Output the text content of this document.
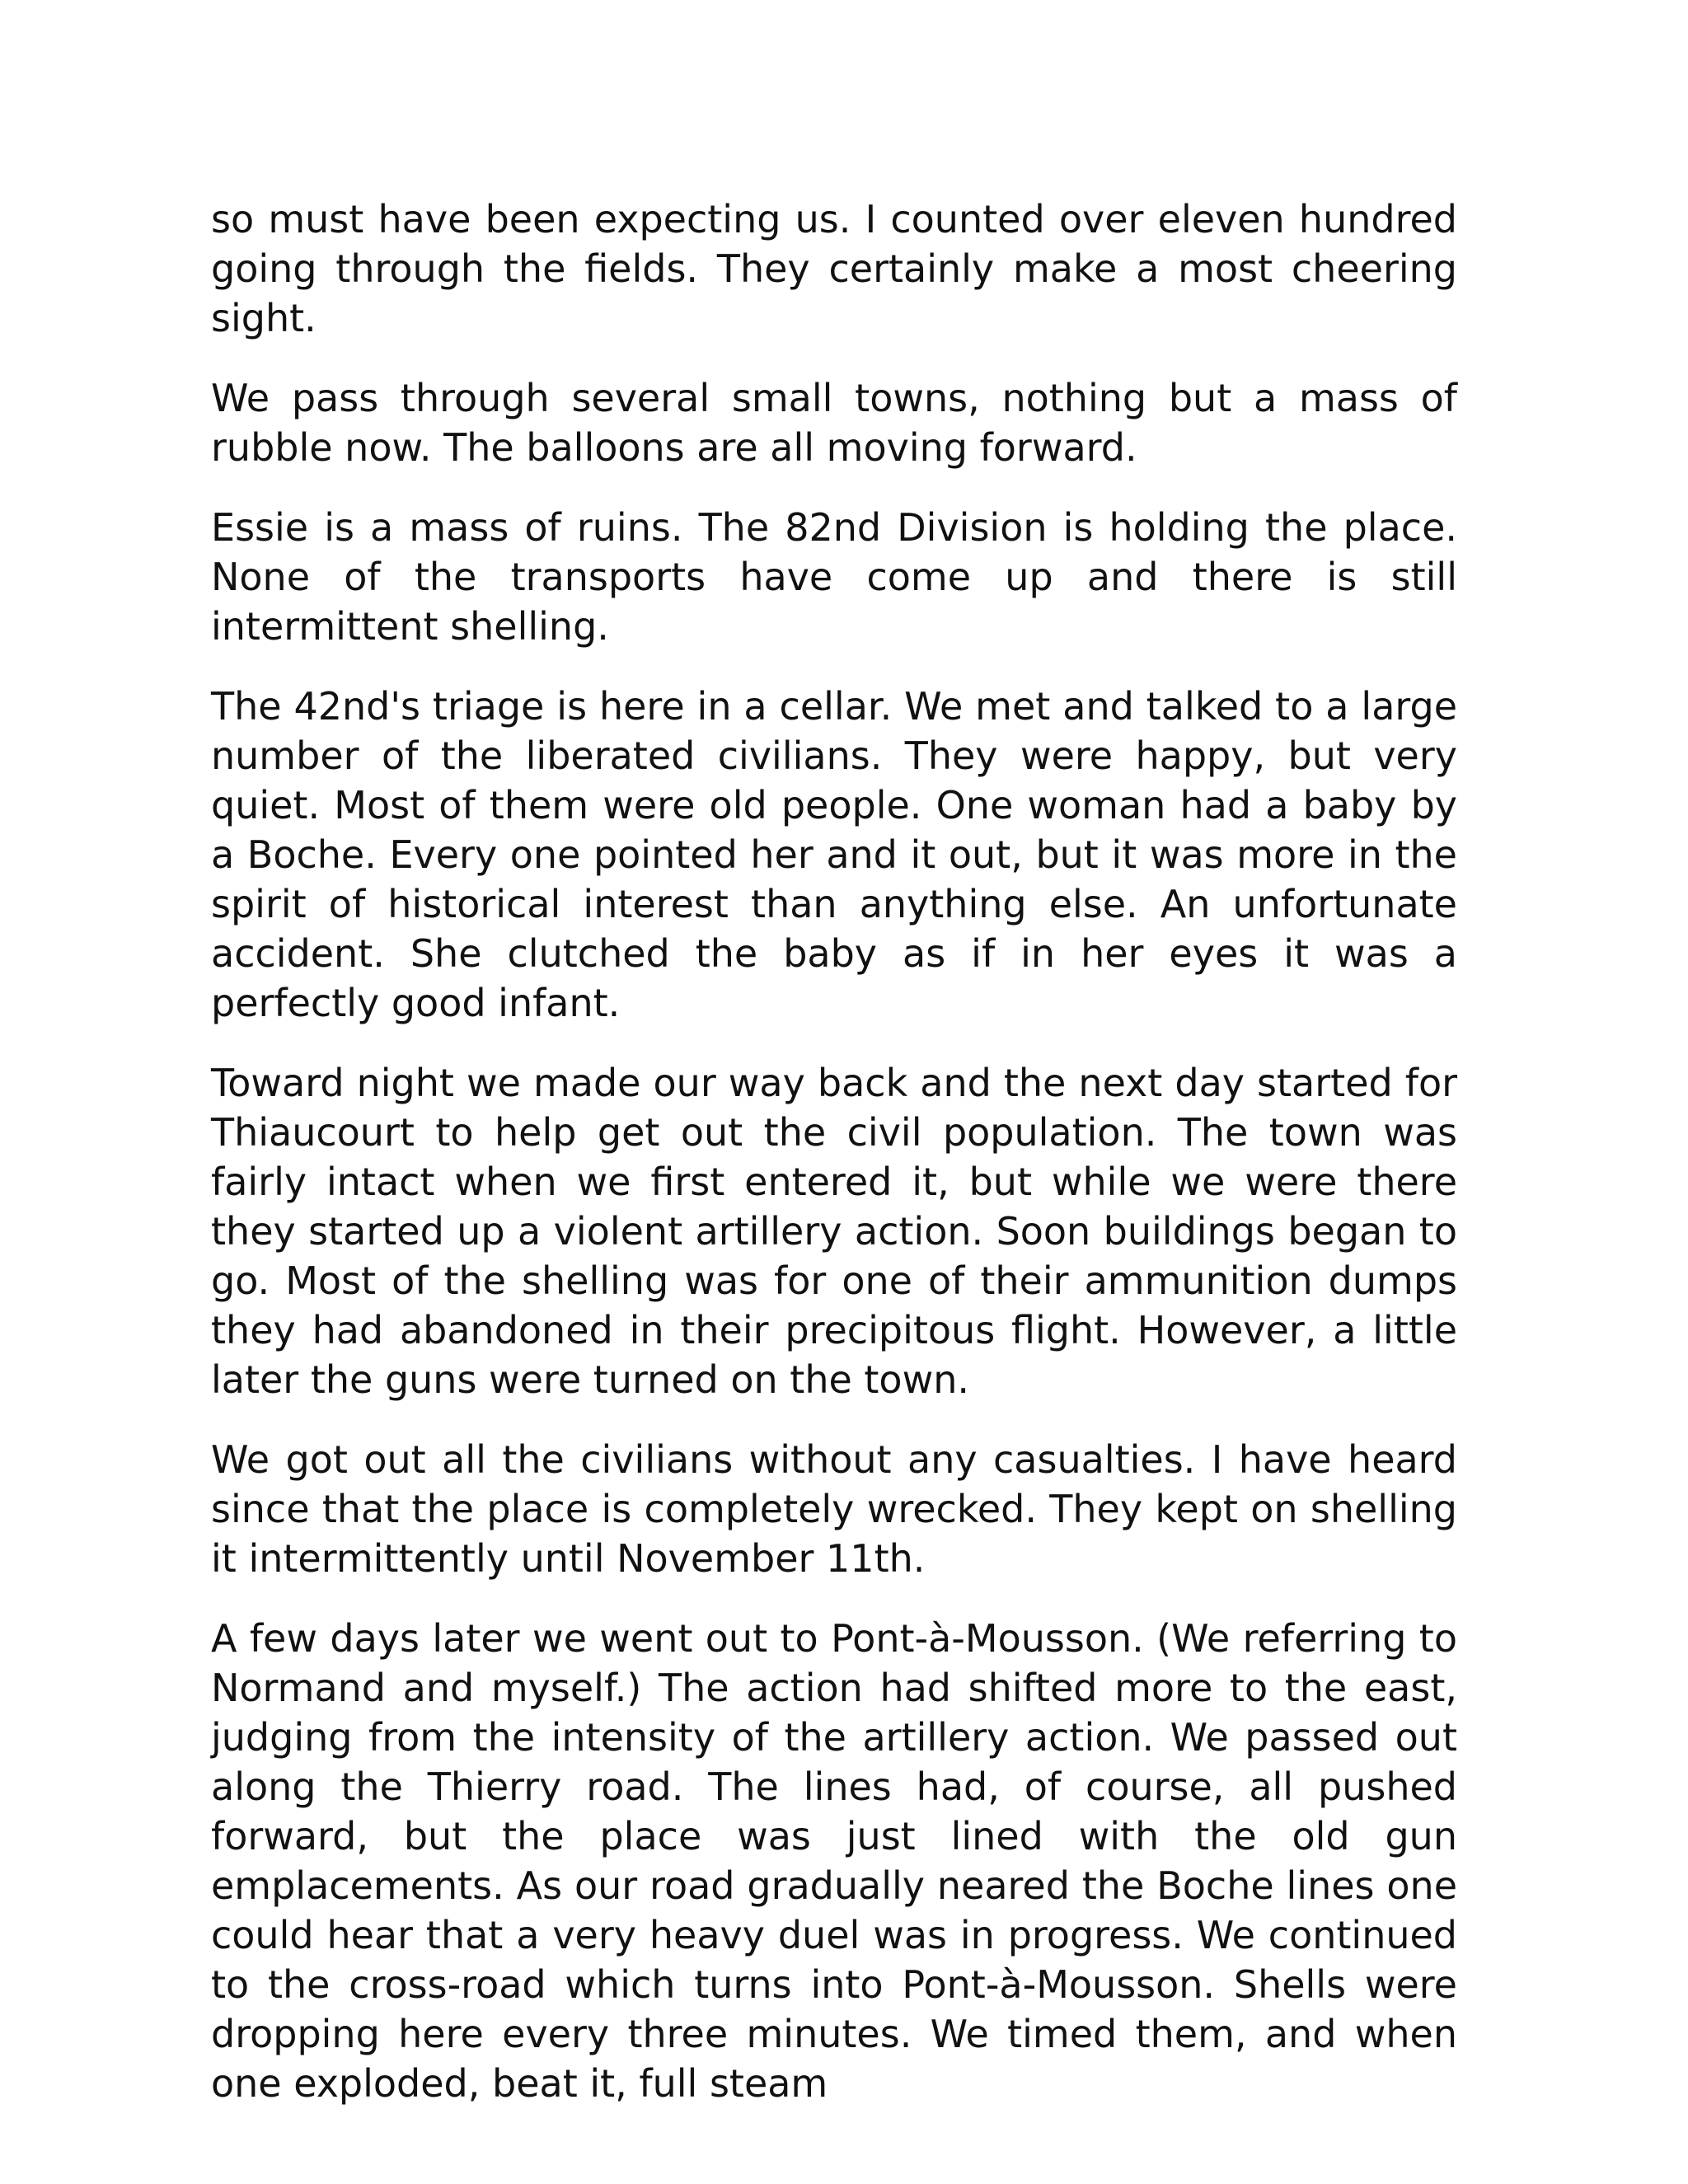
so must have been expecting us. I counted over eleven hundred going through the fields. They certainly make a most cheering sight.

We pass through several small towns, nothing but a mass of rubble now. The balloons are all moving forward.

Essie is a mass of ruins. The 82nd Division is holding the place. None of the transports have come up and there is still intermittent shelling.

The 42nd's triage is here in a cellar. We met and talked to a large number of the liberated civilians. They were happy, but very quiet. Most of them were old people. One woman had a baby by a Boche. Every one pointed her and it out, but it was more in the spirit of historical interest than anything else. An unfortunate accident. She clutched the baby as if in her eyes it was a perfectly good infant.

Toward night we made our way back and the next day started for Thiaucourt to help get out the civil population. The town was fairly intact when we first entered it, but while we were there they started up a violent artillery action. Soon buildings began to go. Most of the shelling was for one of their ammunition dumps they had abandoned in their precipitous flight. However, a little later the guns were turned on the town.

We got out all the civilians without any casualties. I have heard since that the place is completely wrecked. They kept on shelling it intermittently until November 11th.

A few days later we went out to Pont-à-Mousson. (We referring to Normand and myself.) The action had shifted more to the east, judging from the intensity of the artillery action. We passed out along the Thierry road. The lines had, of course, all pushed forward, but the place was just lined with the old gun emplacements. As our road gradually neared the Boche lines one could hear that a very heavy duel was in progress. We continued to the cross-road which turns into Pont-à-Mousson. Shells were dropping here every three minutes. We timed them, and when one exploded, beat it, full steam
